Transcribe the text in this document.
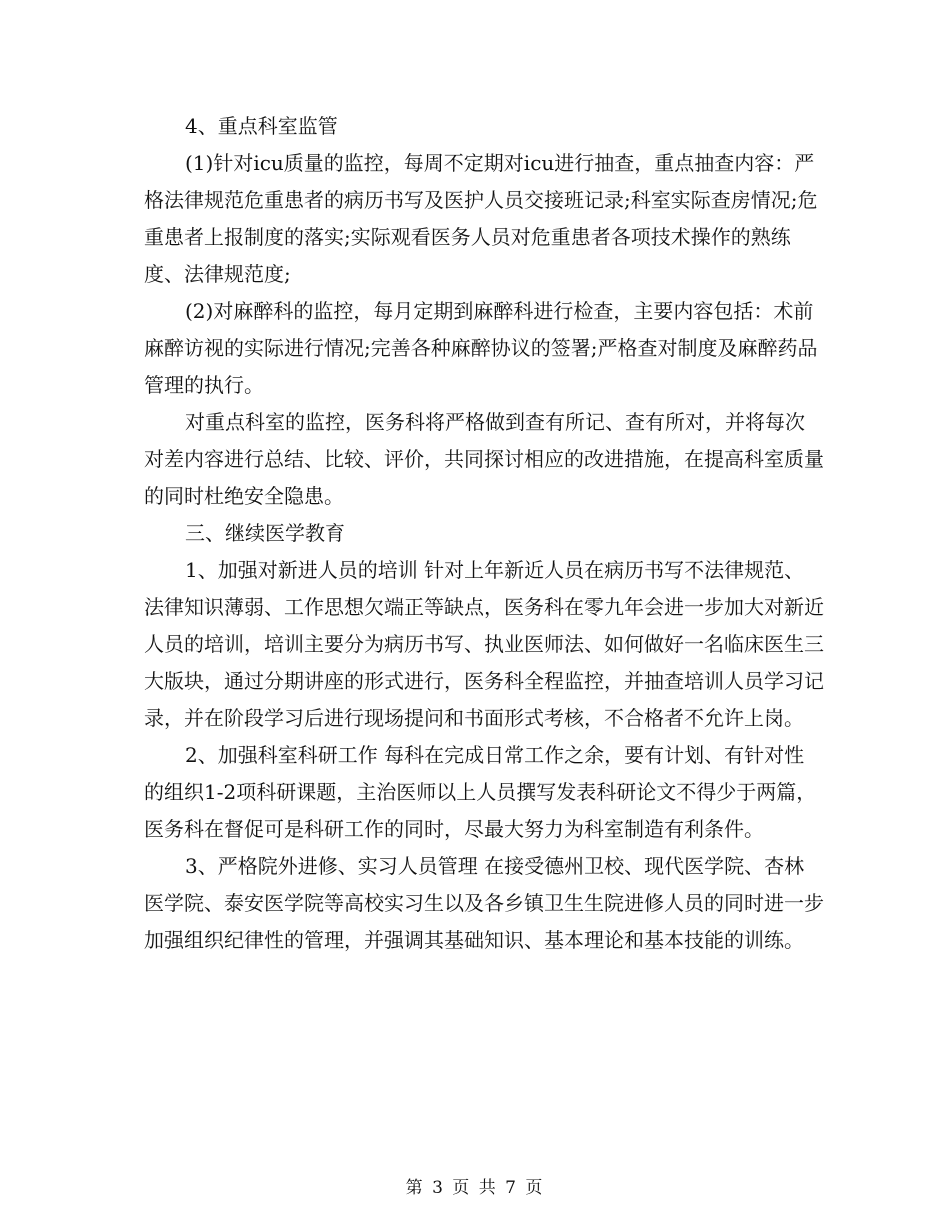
4、重点科室监管

(1)针对icu质量的监控，每周不定期对icu进行抽查，重点抽查内容：严格法律规范危重患者的病历书写及医护人员交接班记录;科室实际查房情况;危重患者上报制度的落实;实际观看医务人员对危重患者各项技术操作的熟练度、法律规范度;

(2)对麻醉科的监控，每月定期到麻醉科进行检查，主要内容包括：术前麻醉访视的实际进行情况;完善各种麻醉协议的签署;严格查对制度及麻醉药品管理的执行。

对重点科室的监控，医务科将严格做到查有所记、查有所对，并将每次对差内容进行总结、比较、评价，共同探讨相应的改进措施，在提高科室质量的同时杜绝安全隐患。

三、继续医学教育

1、加强对新进人员的培训 针对上年新近人员在病历书写不法律规范、法律知识薄弱、工作思想欠端正等缺点，医务科在零九年会进一步加大对新近人员的培训，培训主要分为病历书写、执业医师法、如何做好一名临床医生三大版块，通过分期讲座的形式进行，医务科全程监控，并抽查培训人员学习记录，并在阶段学习后进行现场提问和书面形式考核，不合格者不允许上岗。

2、加强科室科研工作 每科在完成日常工作之余，要有计划、有针对性的组织1-2项科研课题，主治医师以上人员撰写发表科研论文不得少于两篇，医务科在督促可是科研工作的同时，尽最大努力为科室制造有利条件。

3、严格院外进修、实习人员管理 在接受德州卫校、现代医学院、杏林医学院、泰安医学院等高校实习生以及各乡镇卫生生院进修人员的同时进一步加强组织纪律性的管理，并强调其基础知识、基本理论和基本技能的训练。

第 3 页 共 7 页
